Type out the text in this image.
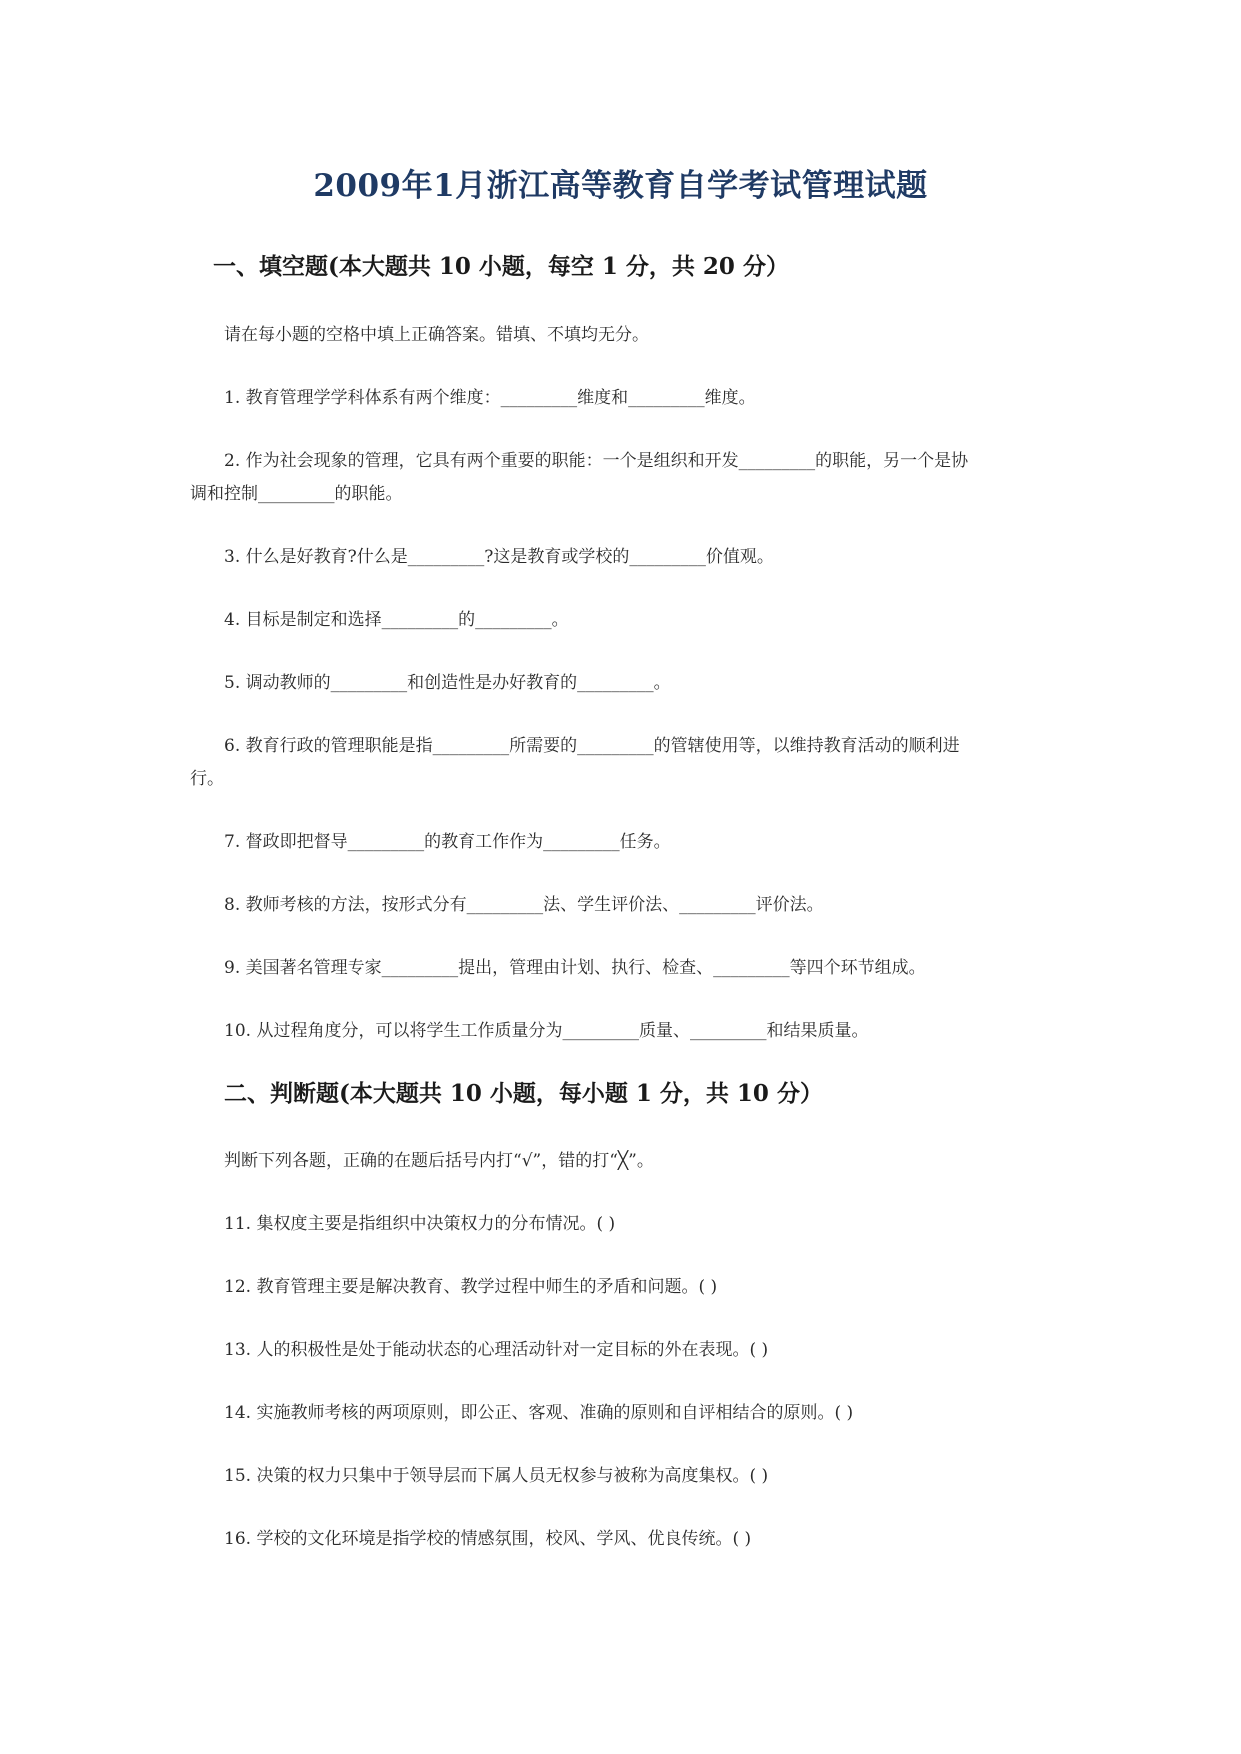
2009年1月浙江高等教育自学考试管理试题
一、填空题(本大题共 10 小题，每空 1 分，共 20 分）
请在每小题的空格中填上正确答案。错填、不填均无分。
1. 教育管理学学科体系有两个维度：_________维度和_________维度。
2. 作为社会现象的管理，它具有两个重要的职能：一个是组织和开发_________的职能，另一个是协
调和控制_________的职能。
3. 什么是好教育?什么是_________?这是教育或学校的_________价值观。
4. 目标是制定和选择_________的_________。
5. 调动教师的_________和创造性是办好教育的_________。
6. 教育行政的管理职能是指_________所需要的_________的管辖使用等，以维持教育活动的顺利进
行。
7. 督政即把督导_________的教育工作作为_________任务。
8. 教师考核的方法，按形式分有_________法、学生评价法、_________评价法。
9. 美国著名管理专家_________提出，管理由计划、执行、检查、_________等四个环节组成。
10. 从过程角度分，可以将学生工作质量分为_________质量、_________和结果质量。
二、判断题(本大题共 10 小题，每小题 1 分，共 10 分）
判断下列各题，正确的在题后括号内打“√”，错的打“╳”。
11. 集权度主要是指组织中决策权力的分布情况。( )
12. 教育管理主要是解决教育、教学过程中师生的矛盾和问题。( )
13. 人的积极性是处于能动状态的心理活动针对一定目标的外在表现。( )
14. 实施教师考核的两项原则，即公正、客观、准确的原则和自评相结合的原则。( )
15. 决策的权力只集中于领导层而下属人员无权参与被称为高度集权。( )
16. 学校的文化环境是指学校的情感氛围，校风、学风、优良传统。( )
